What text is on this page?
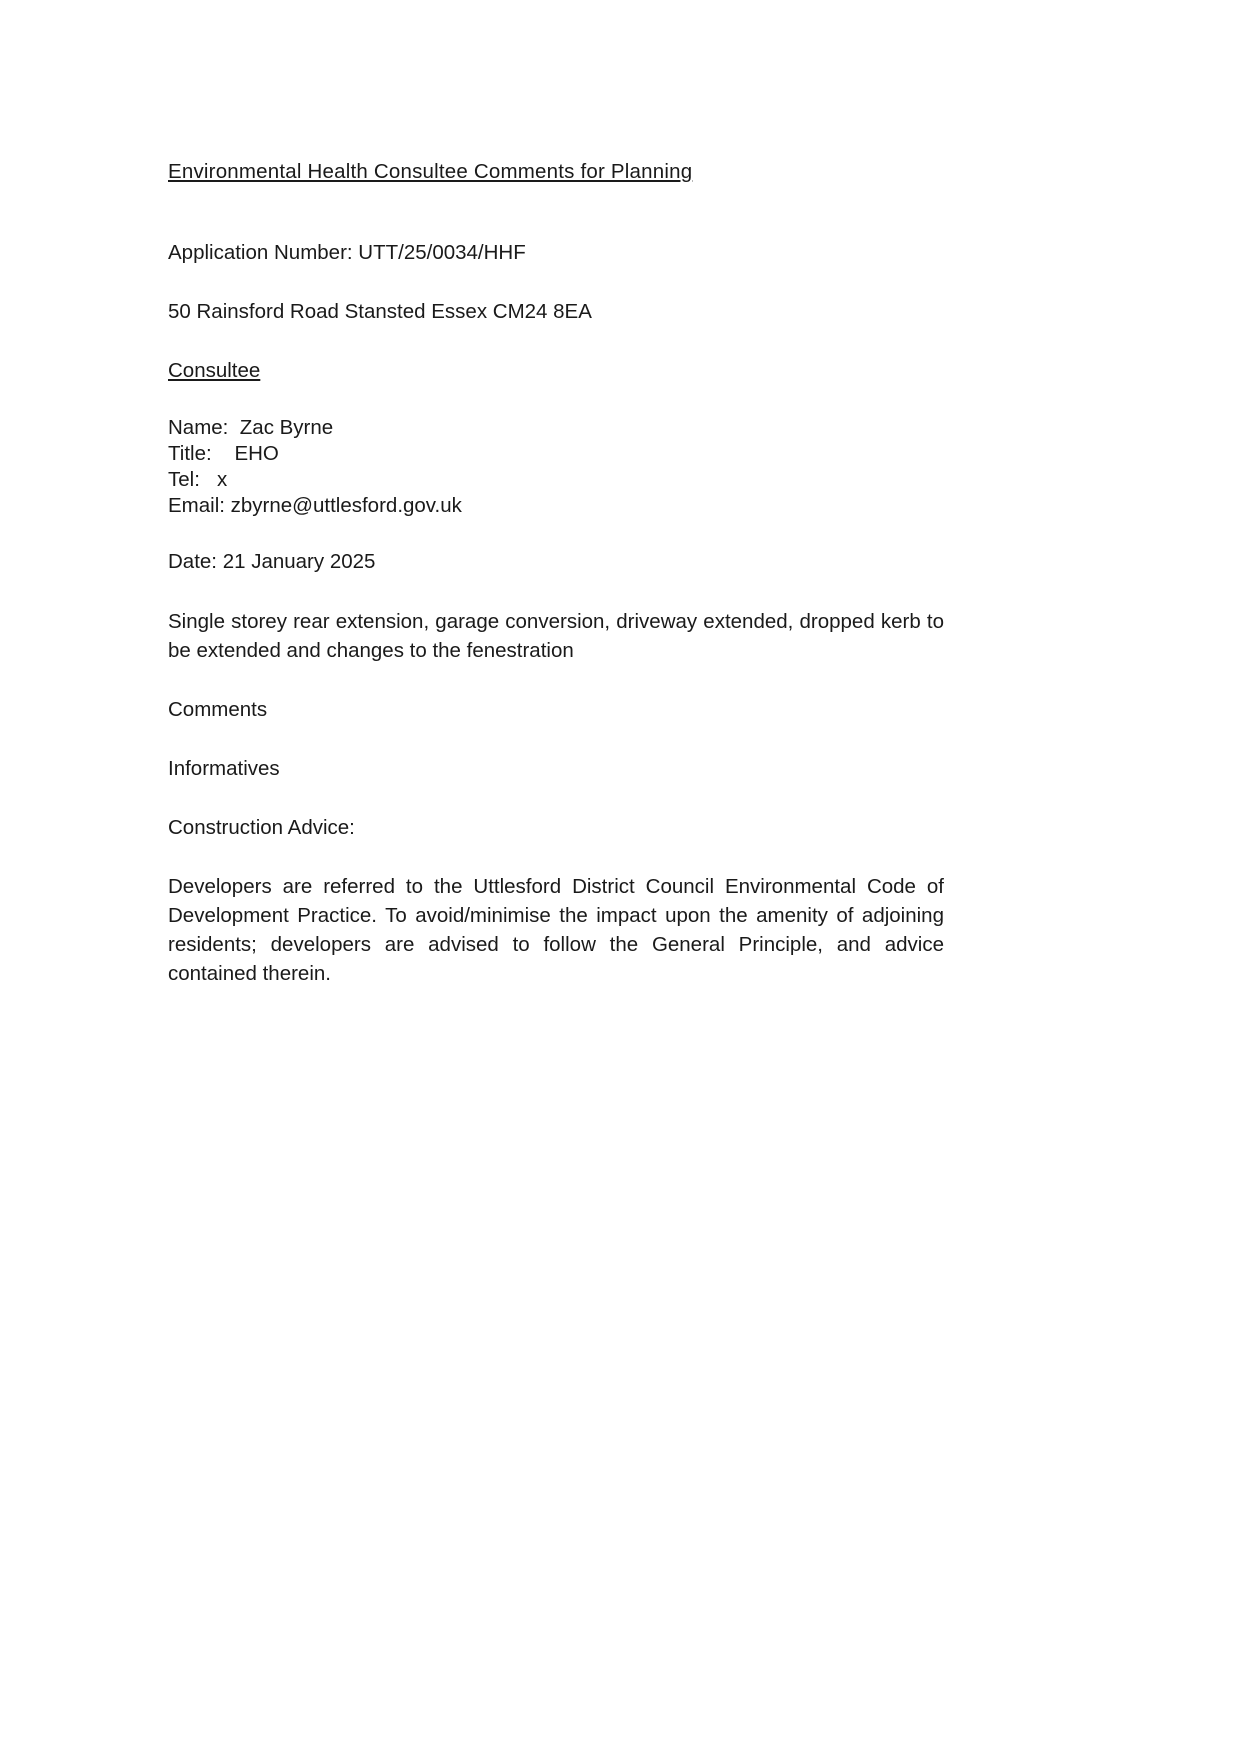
Environmental Health Consultee Comments for Planning

Application Number: UTT/25/0034/HHF

50 Rainsford Road Stansted Essex CM24 8EA

Consultee

Name:  Zac Byrne
Title:    EHO
Tel:   x
Email: zbyrne@uttlesford.gov.uk

Date: 21 January 2025

Single storey rear extension, garage conversion, driveway extended, dropped kerb to be extended and changes to the fenestration

Comments

Informatives

Construction Advice:

Developers are referred to the Uttlesford District Council Environmental Code of Development Practice. To avoid/minimise the impact upon the amenity of adjoining residents; developers are advised to follow the General Principle, and advice contained therein.
